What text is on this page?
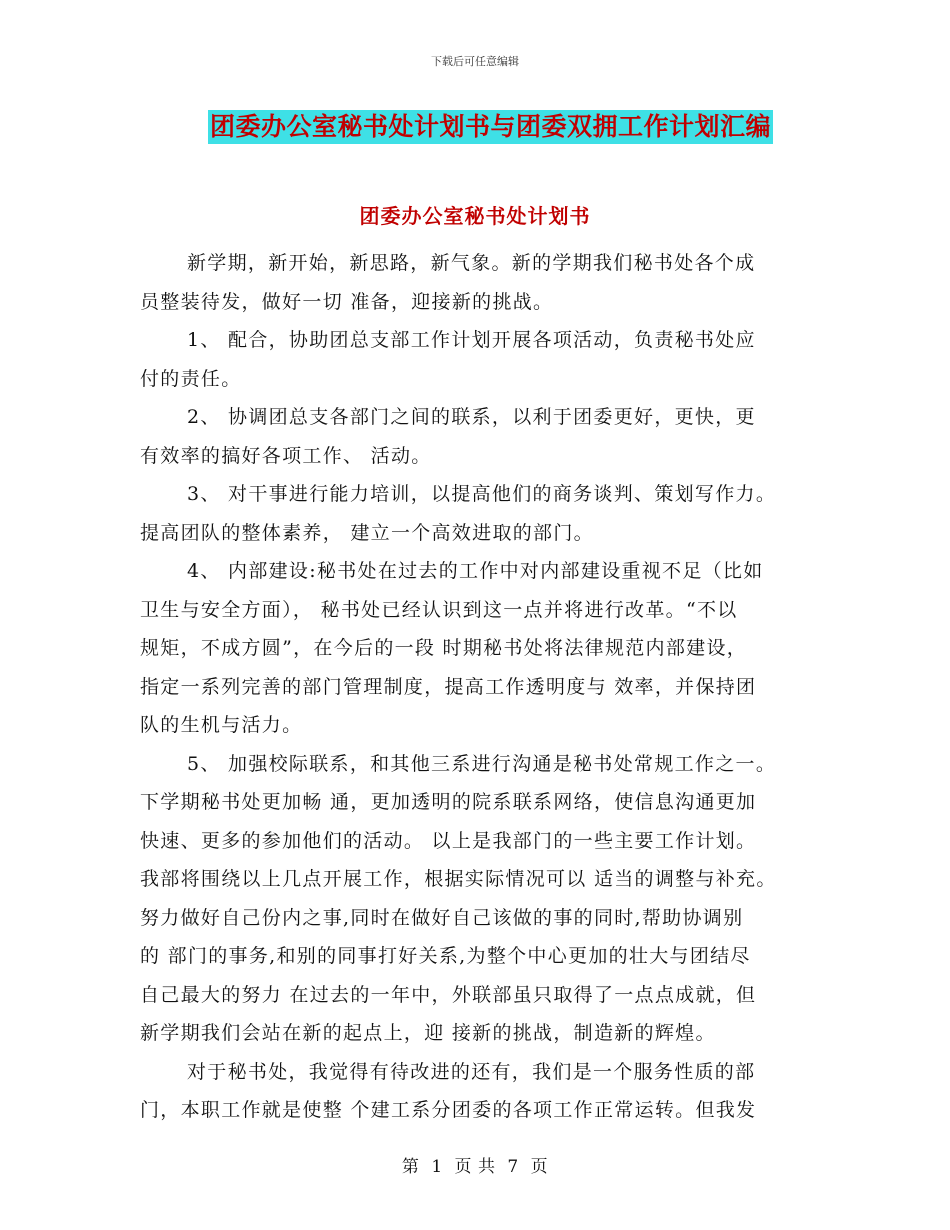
下载后可任意编辑
团委办公室秘书处计划书与团委双拥工作计划汇编
团委办公室秘书处计划书

新学期，新开始，新思路，新气象。新的学期我们秘书处各个成
员整装待发，做好一切 准备，迎接新的挑战。

1、 配合，协助团总支部工作计划开展各项活动，负责秘书处应
付的责任。

2、 协调团总支各部门之间的联系，以利于团委更好，更快，更
有效率的搞好各项工作、 活动。

3、 对干事进行能力培训，以提高他们的商务谈判、策划写作力。
提高团队的整体素养， 建立一个高效进取的部门。

4、 内部建设:秘书处在过去的工作中对内部建设重视不足（比如
卫生与安全方面）， 秘书处已经认识到这一点并将进行改革。“不以
规矩，不成方圆”，在今后的一段 时期秘书处将法律规范内部建设，
指定一系列完善的部门管理制度，提高工作透明度与 效率，并保持团
队的生机与活力。

5、 加强校际联系，和其他三系进行沟通是秘书处常规工作之一。
下学期秘书处更加畅 通，更加透明的院系联系网络，使信息沟通更加
快速、更多的参加他们的活动。 以上是我部门的一些主要工作计划。
我部将围绕以上几点开展工作，根据实际情况可以 适当的调整与补充。
努力做好自己份内之事,同时在做好自己该做的事的同时,帮助协调别
的 部门的事务,和别的同事打好关系,为整个中心更加的壮大与团结尽
自己最大的努力 在过去的一年中，外联部虽只取得了一点点成就，但
新学期我们会站在新的起点上，迎 接新的挑战，制造新的辉煌。

对于秘书处，我觉得有待改进的还有，我们是一个服务性质的部
门，本职工作就是使整 个建工系分团委的各项工作正常运转。但我发

第 1 页 共 7 页
